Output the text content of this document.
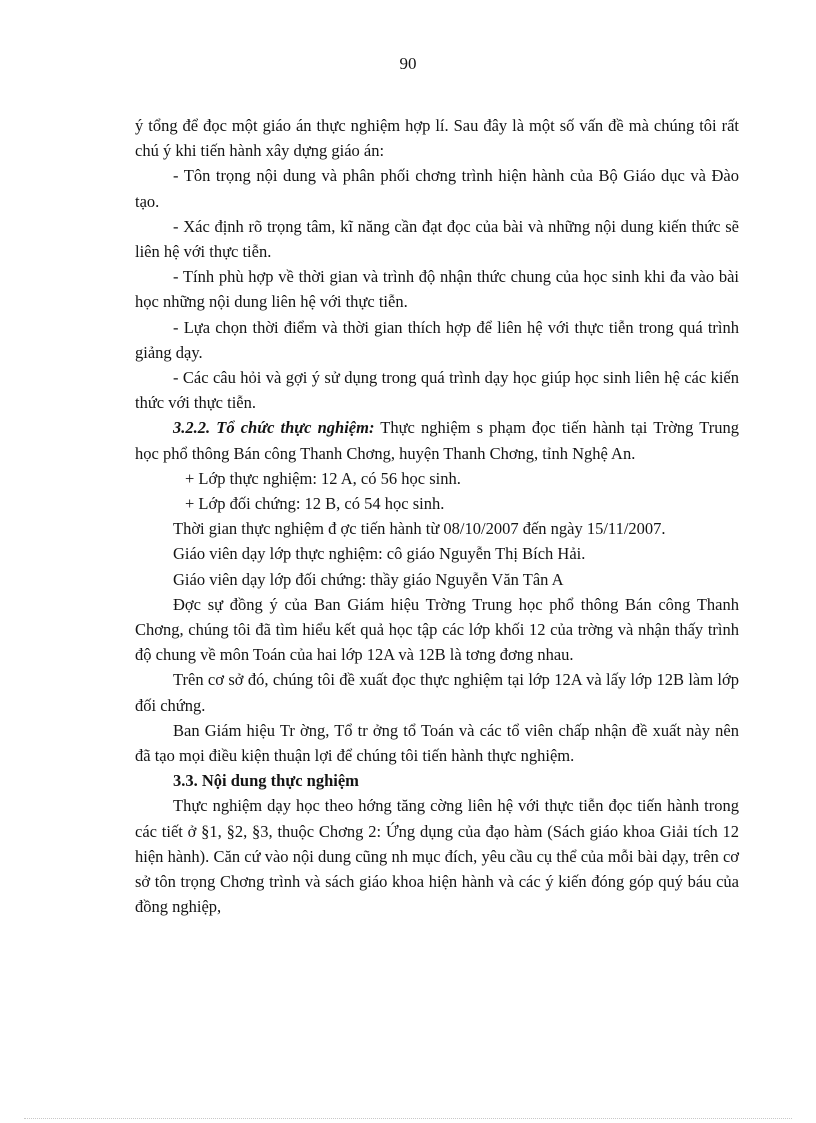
90

ý tổng để đọc một giáo án thực nghiệm hợp lí. Sau đây là một số vấn đề mà chúng tôi rất chú ý khi tiến hành xây dựng giáo án:

- Tôn trọng nội dung và phân phối chơng trình hiện hành của Bộ Giáo dục và Đào tạo.

- Xác định rõ trọng tâm, kĩ năng cần đạt đọc của bài và những nội dung kiến thức sẽ liên hệ với thực tiễn.

- Tính phù hợp về thời gian và trình độ nhận thức chung của học sinh khi đa vào bài học những nội dung liên hệ với thực tiễn.

- Lựa chọn thời điểm và thời gian thích hợp để liên hệ với thực tiễn trong quá trình giảng dạy.

- Các câu hỏi và gợi ý sử dụng trong quá trình dạy học giúp học sinh liên hệ các kiến thức với thực tiễn.

3.2.2. Tổ chức thực nghiệm: Thực nghiệm s phạm đọc tiến hành tại Trờng Trung học phổ thông Bán công Thanh Chơng, huyện Thanh Chơng, tỉnh Nghệ An.

+ Lớp thực nghiệm: 12 A, có 56 học sinh.

+ Lớp đối chứng: 12 B, có 54 học sinh.

Thời gian thực nghiệm đ ợc tiến hành từ 08/10/2007 đến ngày 15/11/2007.

Giáo viên dạy lớp thực nghiệm: cô giáo Nguyễn Thị Bích Hải.

Giáo viên dạy lớp đối chứng: thầy giáo Nguyễn Văn Tân A

Đợc sự đồng ý của Ban Giám hiệu Trờng Trung học phổ thông Bán công Thanh Chơng, chúng tôi đã tìm hiểu kết quả học tập các lớp khối 12 của trờng và nhận thấy trình độ chung về môn Toán của hai lớp 12A và 12B là tơng đơng nhau.

Trên cơ sở đó, chúng tôi đề xuất đọc thực nghiệm tại lớp 12A và lấy lớp 12B làm lớp đối chứng.

Ban Giám hiệu Tr ờng, Tổ tr ởng tổ Toán và các tổ viên chấp nhận đề xuất này nên đã tạo mọi điều kiện thuận lợi để chúng tôi tiến hành thực nghiệm.

3.3. Nội dung thực nghiệm

Thực nghiệm dạy học theo hớng tăng cờng liên hệ với thực tiễn đọc tiến hành trong các tiết ở §1, §2, §3, thuộc Chơng 2: Ứng dụng của đạo hàm (Sách giáo khoa Giải tích 12 hiện hành). Căn cứ vào nội dung cũng nh mục đích, yêu cầu cụ thể của mỗi bài dạy, trên cơ sở tôn trọng Chơng trình và sách giáo khoa hiện hành và các ý kiến đóng góp quý báu của đồng nghiệp,
